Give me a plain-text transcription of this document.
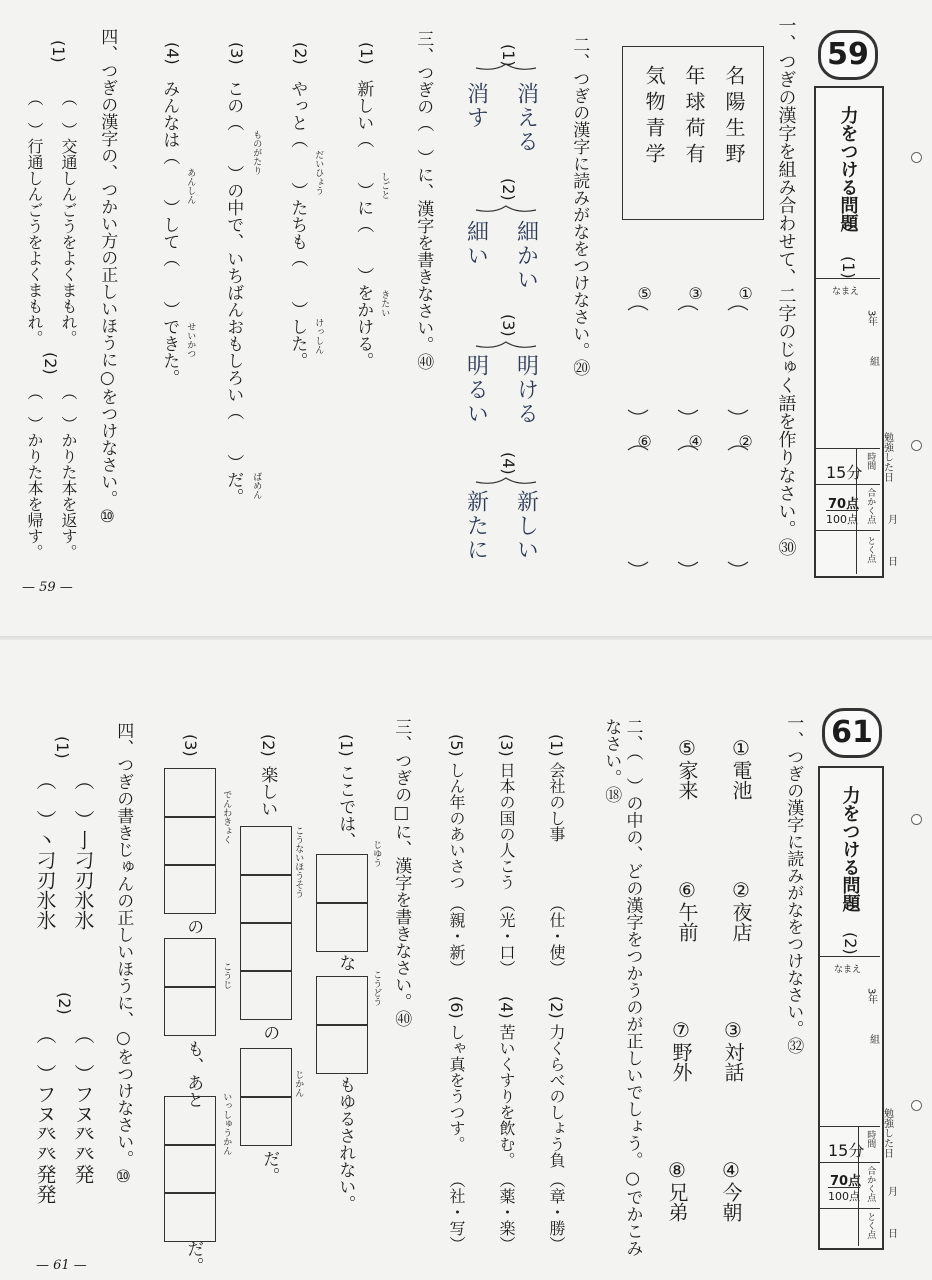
59
力をつける問題
(1)
なまえ
3年
組
15分
時間
70点
100点 合かく点
とく点
勉強した日
月
日
一、つぎの漢字を組み合わせて、二字のじゅく語を作りなさい。㉚
名陽生野
年球荷有
気物青学
①
②
③
④
⑤
⑥
二、つぎの漢字に読みがなをつけなさい。⑳
(1)
消える
消す
(2)
細かい
細い
(3)
明ける
明るい
(4)
新しい
新たに
三、つぎの（　）に、漢字を書きなさい。㊵
(1)
新しい（　　）に（　　）をかける。 しごと
きたい
(2)
やっと（　　）たちも（　　）した。 だいひょう
けっしん
(3)
この（　　）の中で、いちばんおもしろい（　　）だ。 ものがたり
ばめん
(4)
みんなは（　　）して（　　）できた。 あんしん
せいかつ
四、つぎの漢字の、つかい方の正しいほうに○をつけなさい。⑩
(1)
（　）交通しんごうをよくまもれ。
（　）行通しんごうをよくまもれ。
(2)
（　）かりた本を返す。
（　）かりた本を帰す。
— 59 —
61
力をつける問題
(2)
なまえ
3年
組
15分
時間
70点
100点 合かく点
とく点
勉強した日
月
日
一、つぎの漢字に読みがなをつけなさい。㉜
①電池
②夜店
③対話
④今朝
⑤家来
⑥午前
⑦野外
⑧兄弟
二、（　）の中の、どの漢字をつかうのが正しいでしょう。○でかこみなさい。⑱
(1)
会社のし事
（仕・使）
(2)
力くらべのしょう負
（章・勝）
(3)
日本の国の人こう
（光・口）
(4)
苦いくすりを飲む。
（薬・楽）
(5)
しん年のあいさつ
（親・新）
(6)
しゃ真をうつす。
（社・写）
三、つぎの□に、漢字を書きなさい。㊵
(1)
ここでは、
じゆう
な
こうどう
もゆるされない。
(2)
楽しい
こうないほうそう
の
じかん
だ。
(3)
でんわきょく
の
こうじ
も、あと
いっしゅうかん
だ。
四、つぎの書きじゅんの正しいほうに、○をつけなさい。⑩
(1)
（　）亅刁刃氷氷
（　）丶刁刃氷氷
(2)
（　）フヌ癶癶発
（　）フヌ癶癶発発
— 61 —
